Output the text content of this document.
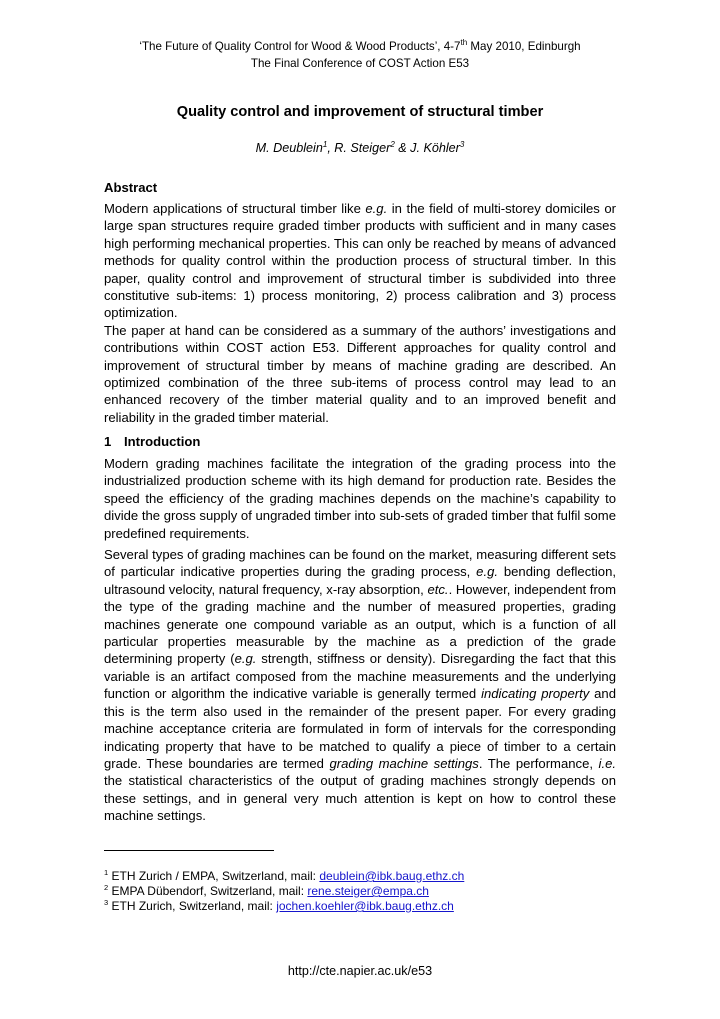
‘The Future of Quality Control for Wood & Wood Products’, 4-7th May 2010, Edinburgh
The Final Conference of COST Action E53
Quality control and improvement of structural timber
M. Deublein$^1$, R. Steiger$^2$ & J. Köhler$^3$
Abstract

Modern applications of structural timber like e.g. in the field of multi-storey domiciles or large span structures require graded timber products with sufficient and in many cases high performing mechanical properties. This can only be reached by means of advanced methods for quality control within the production process of structural timber. In this paper, quality control and improvement of structural timber is subdivided into three constitutive sub-items: 1) process monitoring, 2) process calibration and 3) process optimization.

The paper at hand can be considered as a summary of the authors’ investigations and contributions within COST action E53. Different approaches for quality control and improvement of structural timber by means of machine grading are described. An optimized combination of the three sub-items of process control may lead to an enhanced recovery of the timber material quality and to an improved benefit and reliability in the graded timber material.

1 Introduction

Modern grading machines facilitate the integration of the grading process into the industrialized production scheme with its high demand for production rate. Besides the speed the efficiency of the grading machines depends on the machine’s capability to divide the gross supply of ungraded timber into sub-sets of graded timber that fulfil some predefined requirements.

Several types of grading machines can be found on the market, measuring different sets of particular indicative properties during the grading process, e.g. bending deflection, ultrasound velocity, natural frequency, x-ray absorption, etc.. However, independent from the type of the grading machine and the number of measured properties, grading machines generate one compound variable as an output, which is a function of all particular properties measurable by the machine as a prediction of the grade determining property (e.g. strength, stiffness or density). Disregarding the fact that this variable is an artifact composed from the machine measurements and the underlying function or algorithm the indicative variable is generally termed indicating property and this is the term also used in the remainder of the present paper. For every grading machine acceptance criteria are formulated in form of intervals for the corresponding indicating property that have to be matched to qualify a piece of timber to a certain grade. These boundaries are termed grading machine settings. The performance, i.e. the statistical characteristics of the output of grading machines strongly depends on these settings, and in general very much attention is kept on how to control these machine settings.

$^1$ ETH Zurich / EMPA, Switzerland, mail: deublein@ibk.baug.ethz.ch
$^2$ EMPA Dübendorf, Switzerland, mail: rene.steiger@empa.ch
$^3$ ETH Zurich, Switzerland, mail: jochen.koehler@ibk.baug.ethz.ch
http://cte.napier.ac.uk/e53
